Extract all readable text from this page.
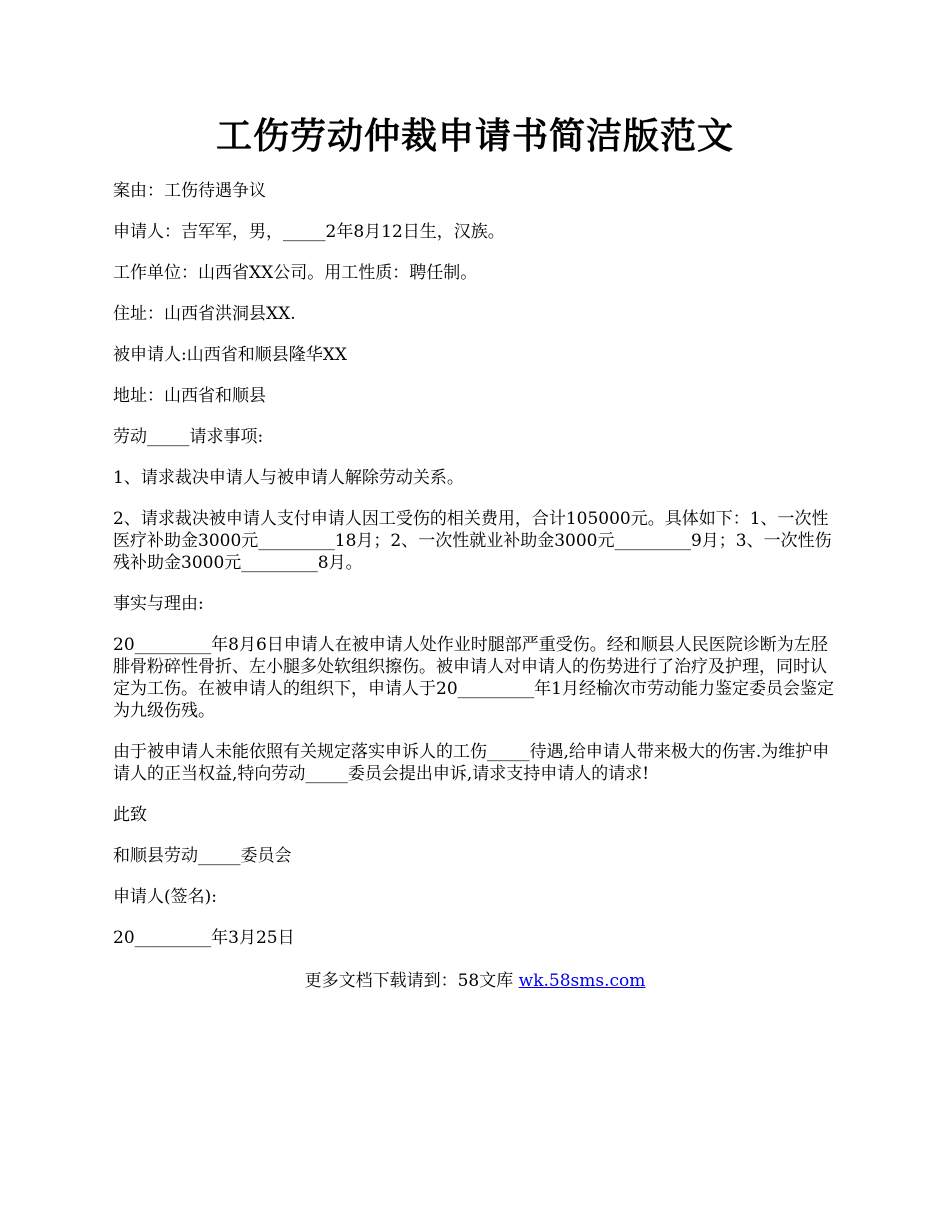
工伤劳动仲裁申请书简洁版范文

案由：工伤待遇争议

申请人：吉军军，男，_____2年8月12日生，汉族。

工作单位：山西省XX公司。用工性质：聘任制。

住址：山西省洪洞县XX.

被申请人:山西省和顺县隆华XX

地址：山西省和顺县

劳动_____请求事项:

1、请求裁决申请人与被申请人解除劳动关系。

2、请求裁决被申请人支付申请人因工受伤的相关费用，合计105000元。具体如下：1、一次性医疗补助金3000元_________18月；2、一次性就业补助金3000元_________9月；3、一次性伤残补助金3000元_________8月。

事实与理由:

20_________年8月6日申请人在被申请人处作业时腿部严重受伤。经和顺县人民医院诊断为左胫腓骨粉碎性骨折、左小腿多处软组织擦伤。被申请人对申请人的伤势进行了治疗及护理，同时认定为工伤。在被申请人的组织下，申请人于20_________年1月经榆次市劳动能力鉴定委员会鉴定为九级伤残。

由于被申请人未能依照有关规定落实申诉人的工伤_____待遇,给申请人带来极大的伤害.为维护申请人的正当权益,特向劳动_____委员会提出申诉,请求支持申请人的请求!

此致

和顺县劳动_____委员会

申请人(签名):

20_________年3月25日

更多文档下载请到：58文库 wk.58sms.com
